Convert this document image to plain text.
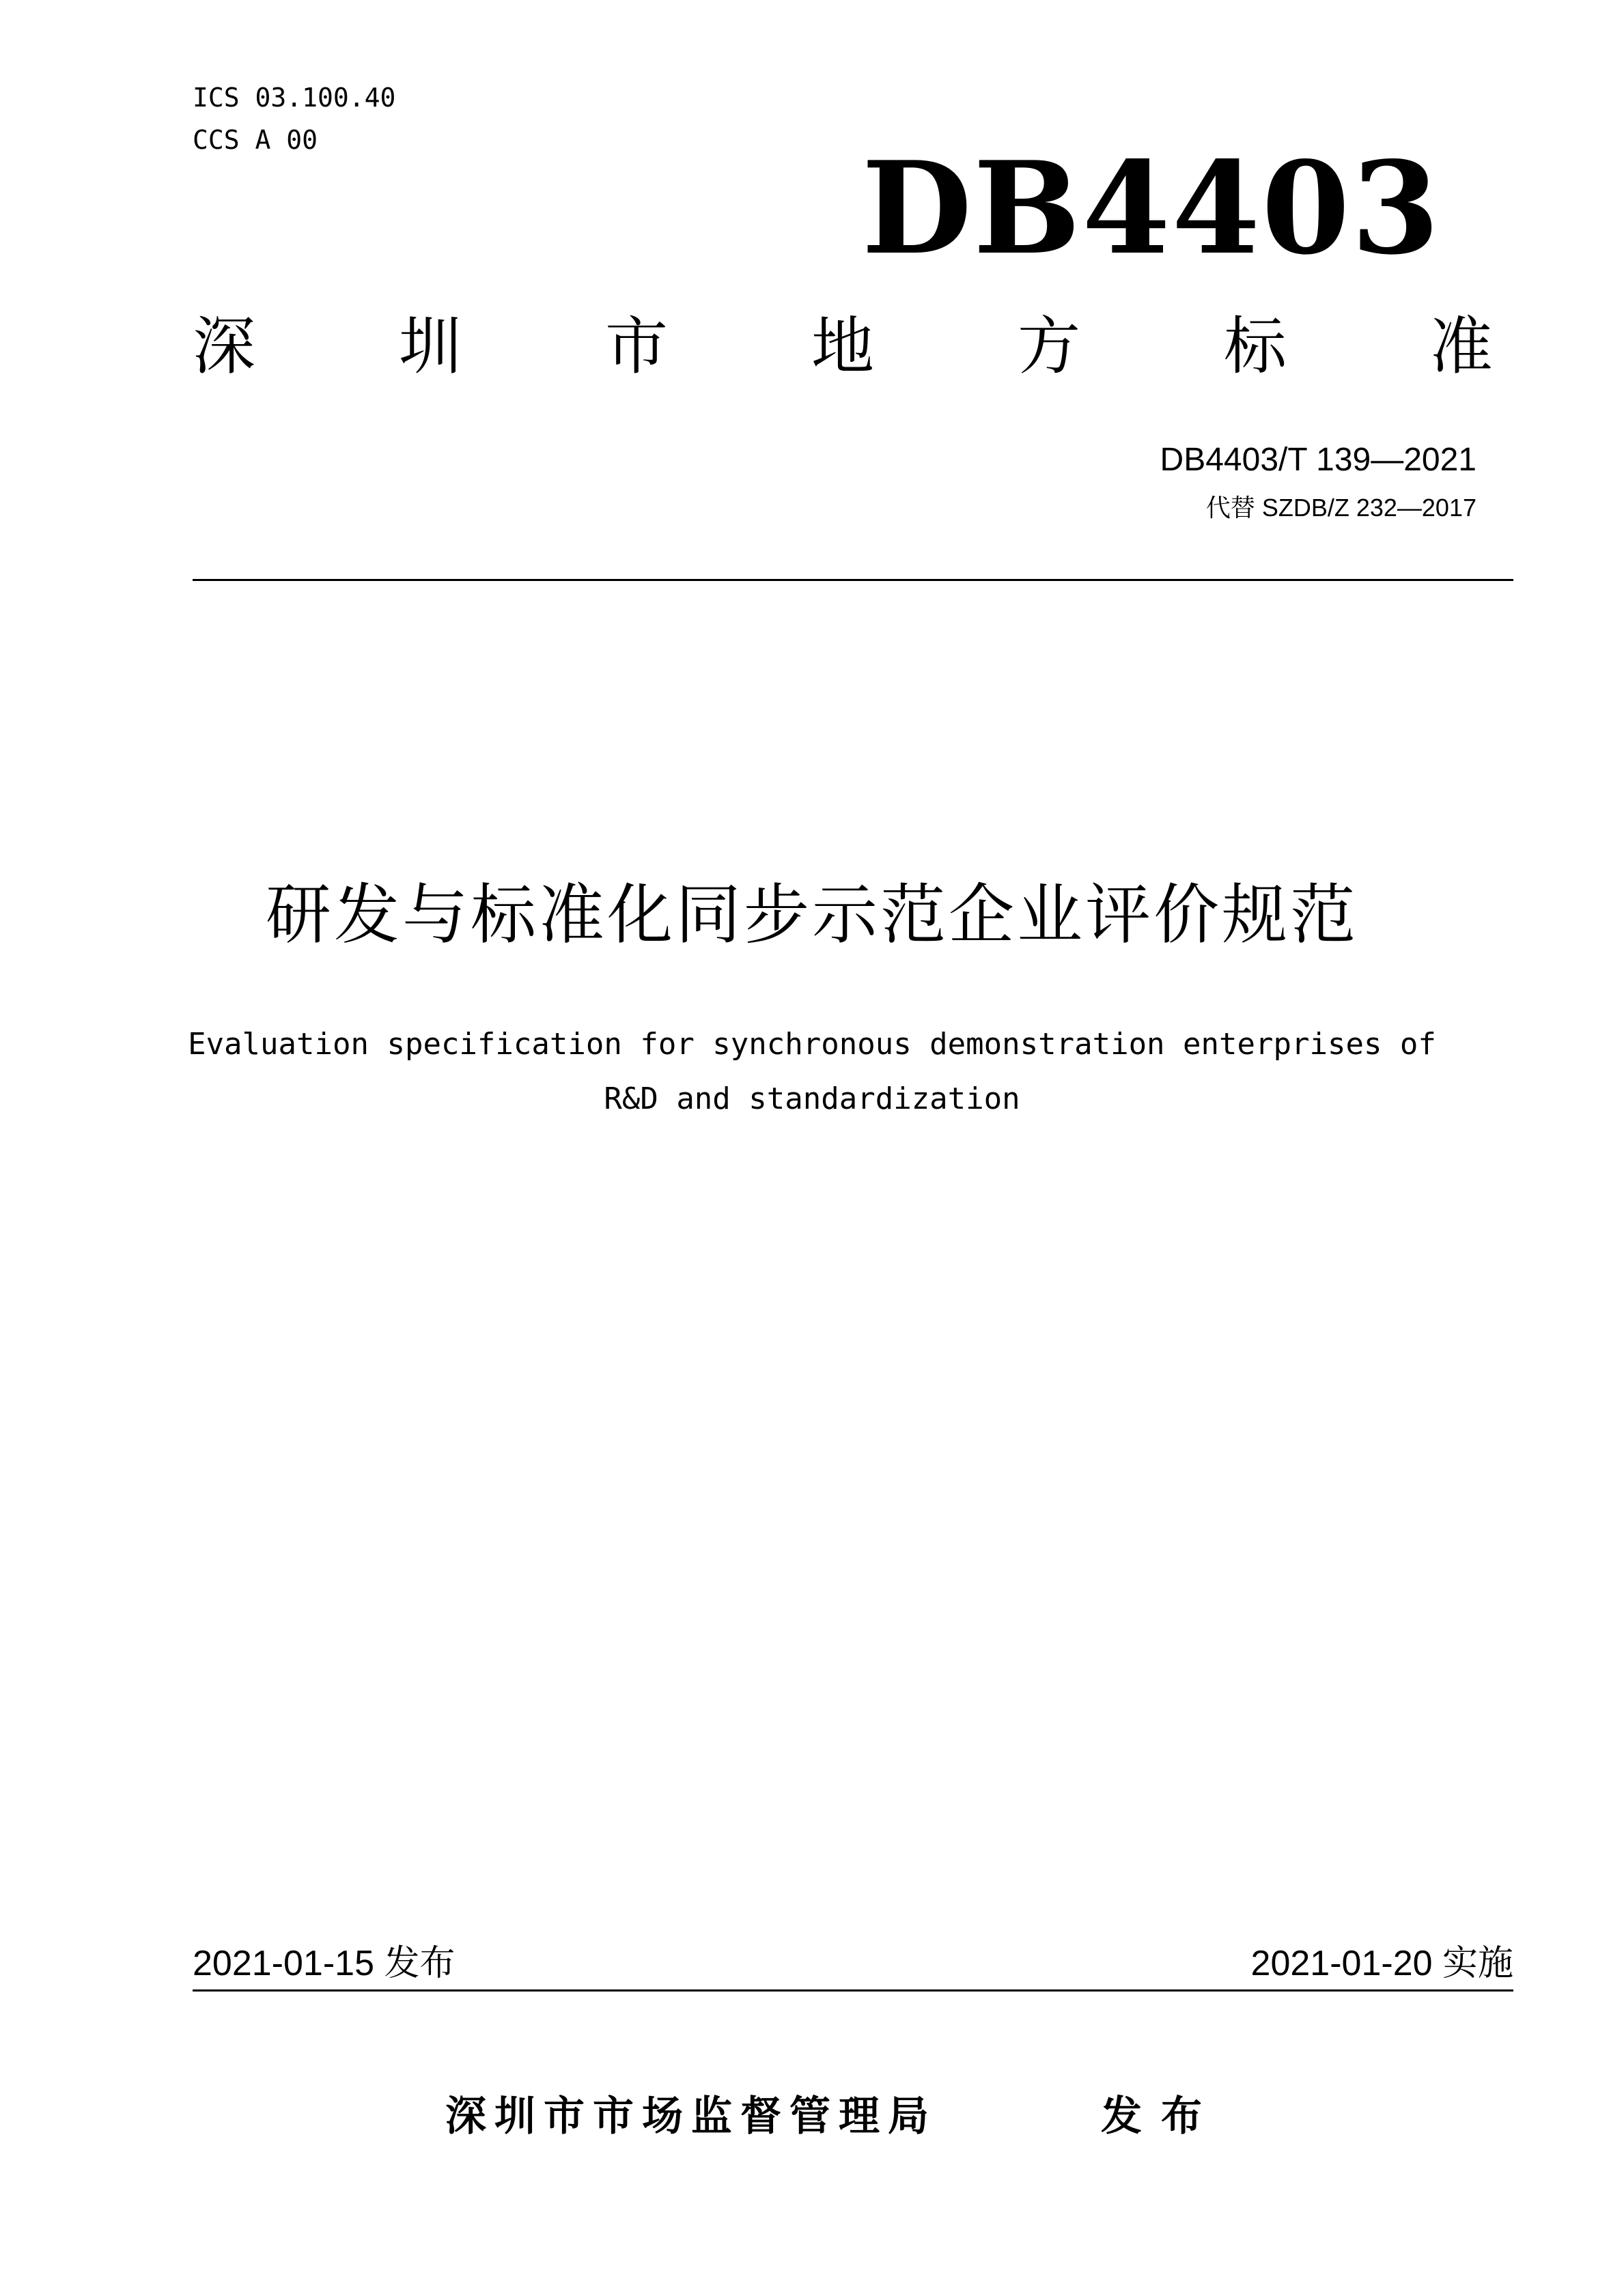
ICS 03.100.40
CCS A 00	DB4403
深 圳 市 地 方 标 准
DB4403/T 139—2021
代替 SZDB/Z 232—2017
研发与标准化同步示范企业评价规范
Evaluation specification for synchronous demonstration enterprises of
R&D and standardization
2021-01-15 发布	2021-01-20 实施
深圳市市场监督管理局	发布
